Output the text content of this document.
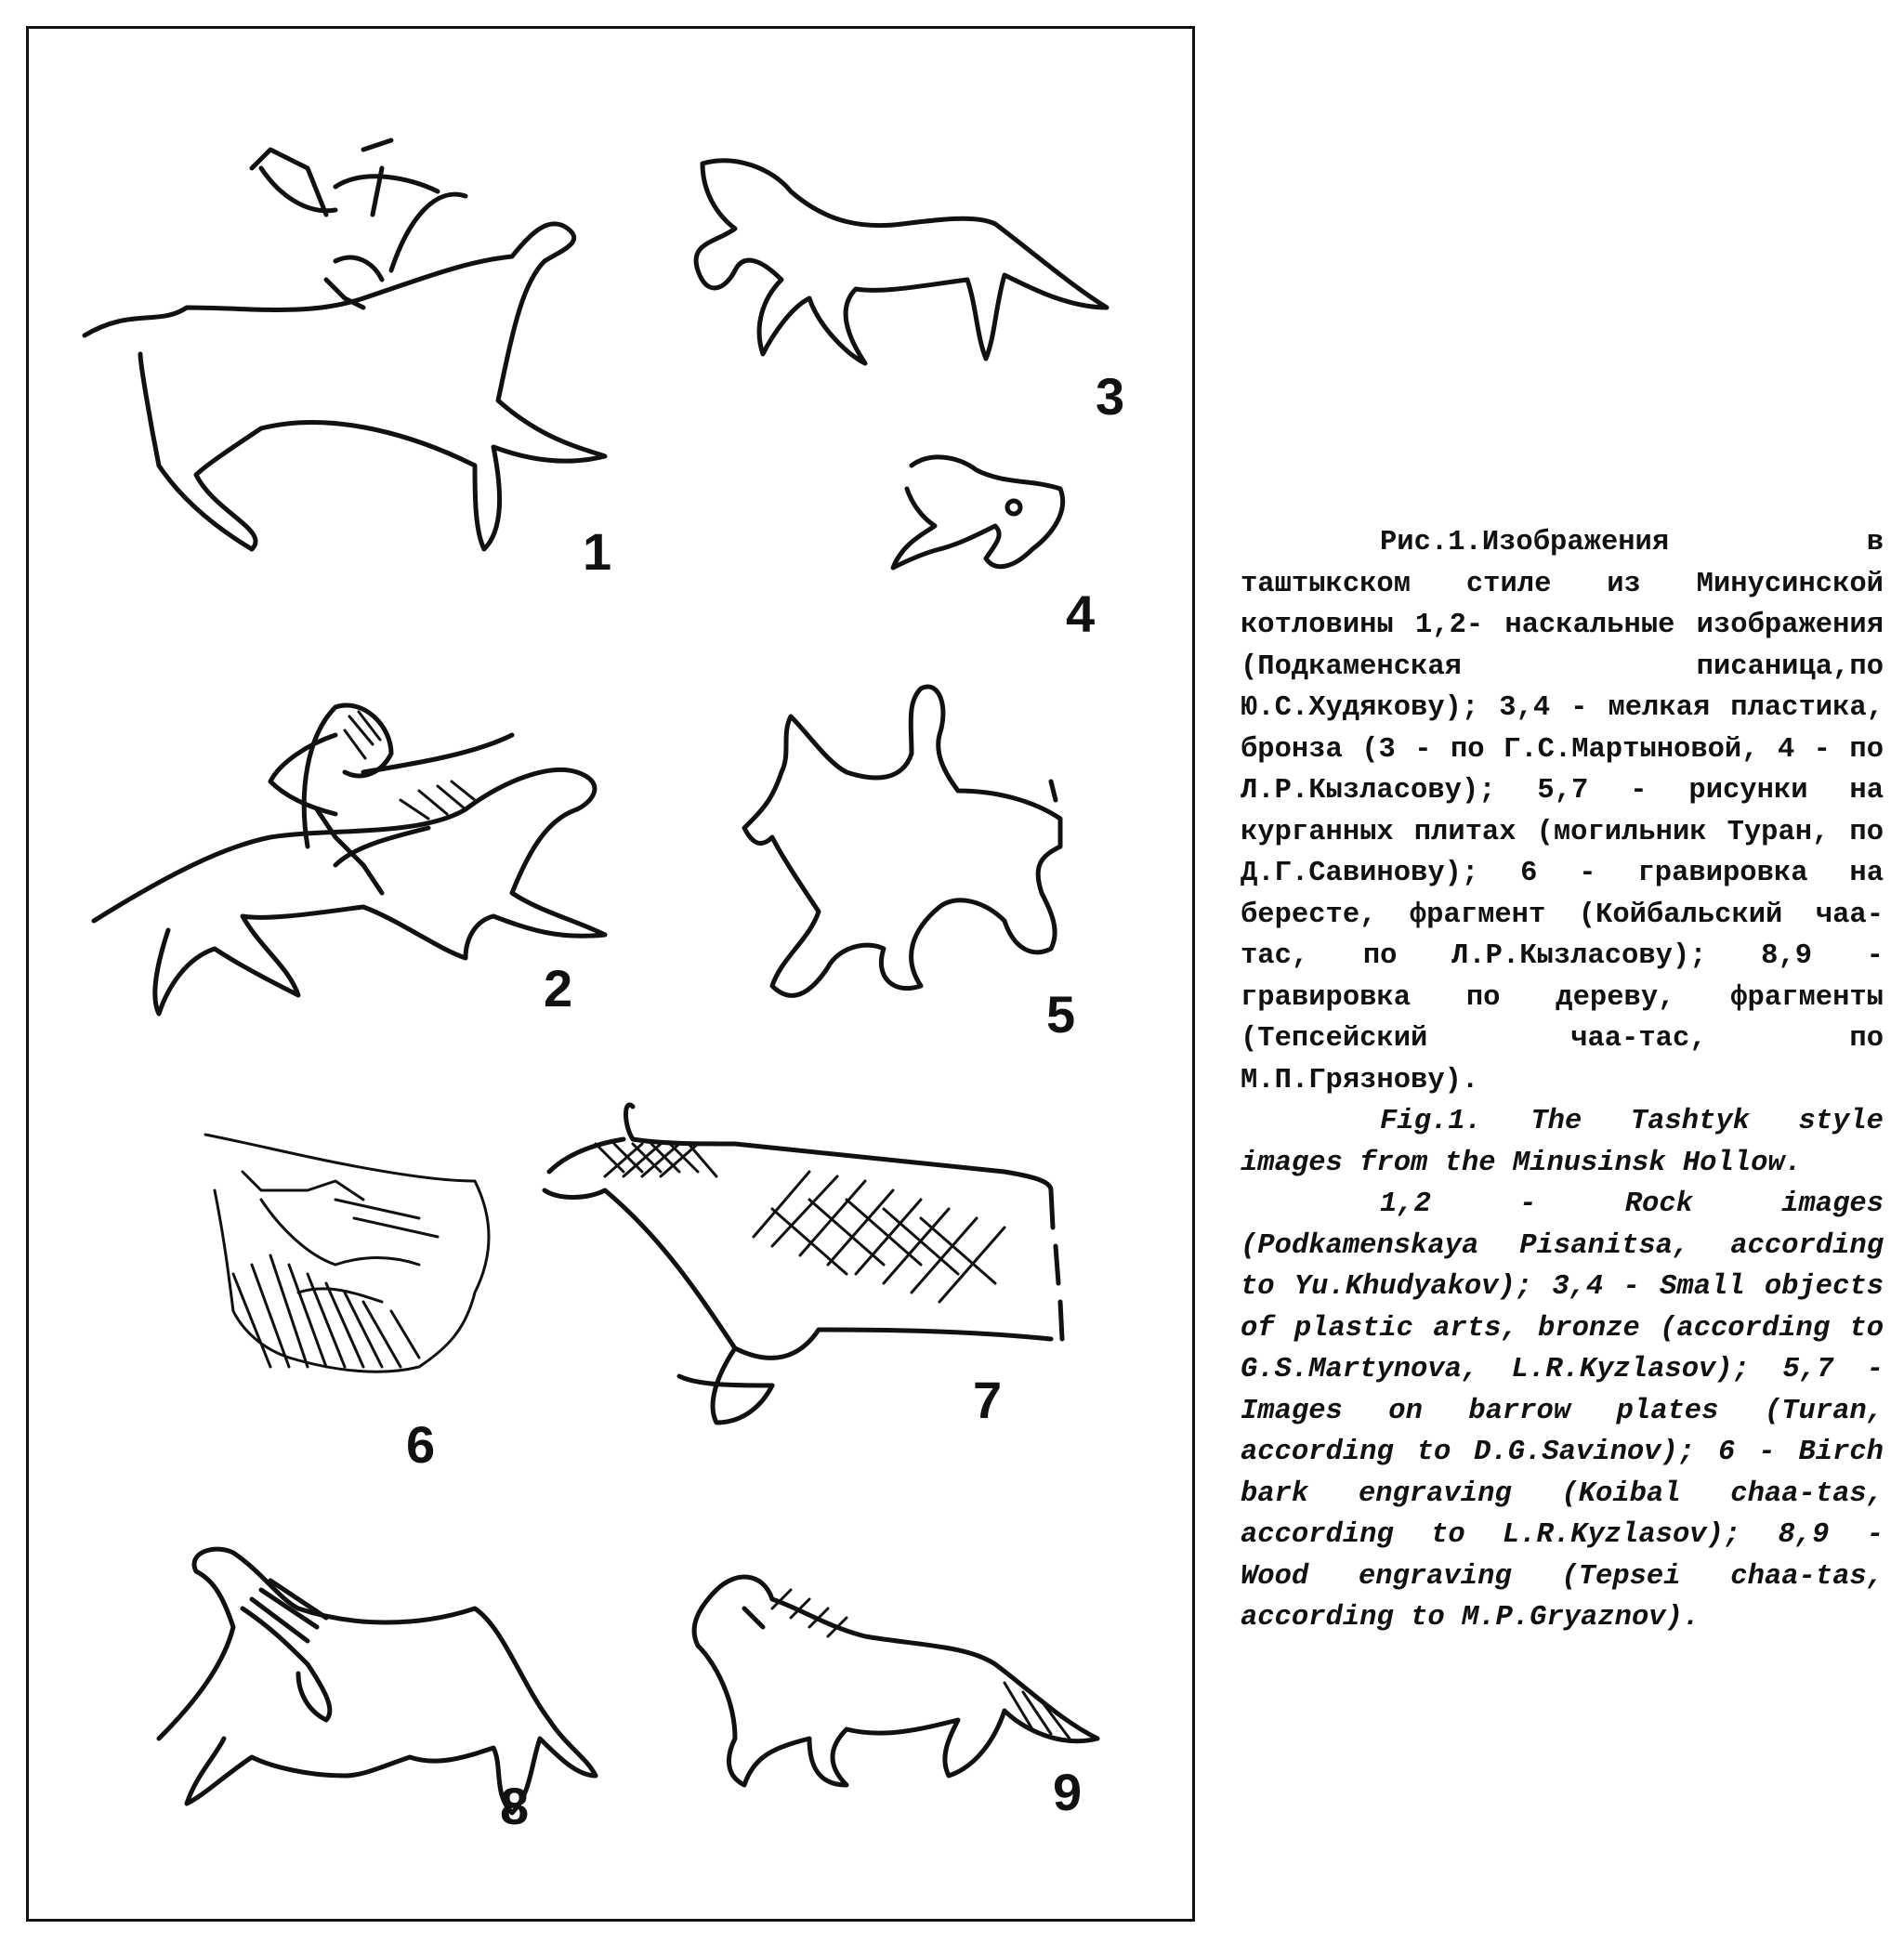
1
2
3
4
5
6
7
8	9

Рис.1.Изображения в таштыкском стиле из Минусинской котловины 1,2- наскальные изображения (Подкаменская писаница,по Ю.С.Худякову); 3,4 - мелкая пластика, бронза (3 - по Г.С.Мартыновой, 4 - по Л.Р.Кызласову); 5,7 - рисунки на курганных плитах (могильник Туран, по Д.Г.Савинову); 6 - гравировка на бересте, фрагмент (Койбальский чаа-тас, по Л.Р.Кызласову); 8,9 - гравировка по дереву, фрагменты (Тепсейский чаа-тас, по М.П.Грязнову).

Fig.1. The Tashtyk style images from the Minusinsk Hollow.

1,2 - Rock images (Podkamenskaya Pisanitsa, according to Yu.Khudyakov); 3,4 - Small objects of plastic arts, bronze (according to G.S.Martynova, L.R.Kyzlasov); 5,7 - Images on barrow plates (Turan, according to D.G.Savinov); 6 - Birch bark engraving (Koibal chaa-tas, according to L.R.Kyzlasov); 8,9 - Wood engraving (Tepsei chaa-tas, according to M.P.Gryaznov).
